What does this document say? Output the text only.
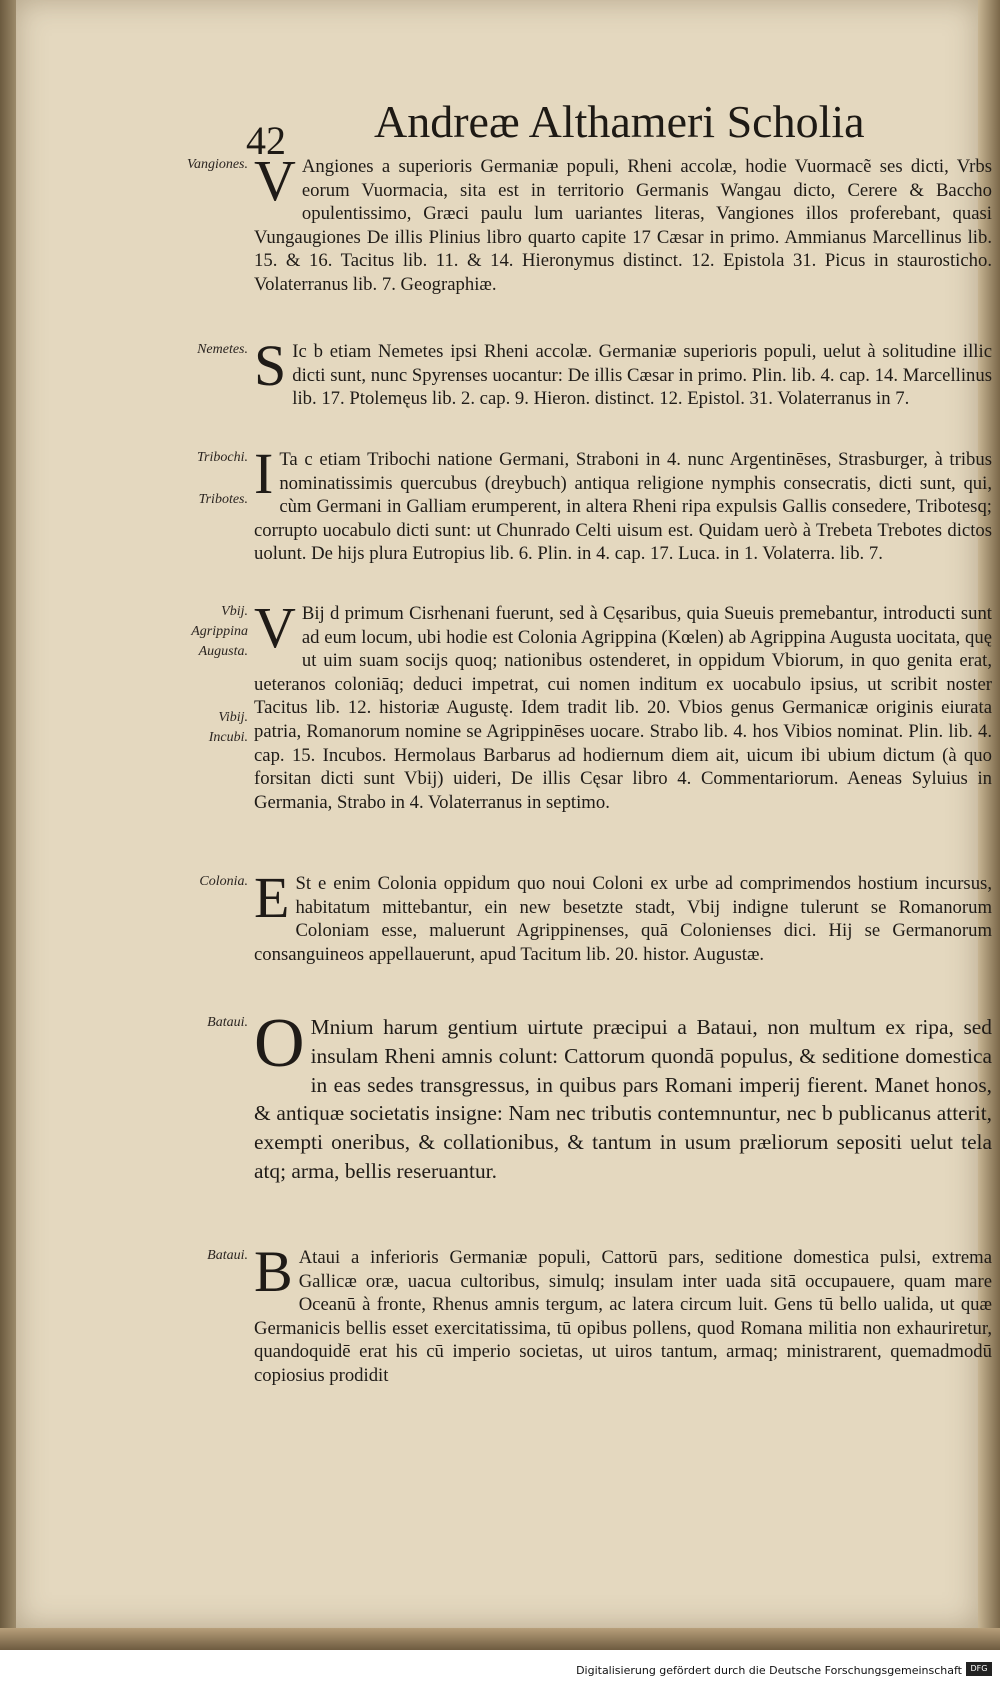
42 Andreæ Althameri Scholia
Vangiones. V Angiones a superioris Germaniæ populi, Rheni accolæ, hodie Vuormacẽ ses dicti, Vrbs eorum Vuormacia, sita est in territorio Germanis Wangau dicto, Cerere & Baccho opulentissimo, Græci paulu lum uariantes literas, Vangiones illos proferebant, quasi Vungaugiones De illis Plinius libro quarto capite 17 Cæsar in primo. Ammianus Marcellinus lib. 15. & 16. Tacitus lib. 11. & 14. Hieronymus distinct. 12. Epistola 31. Picus in staurosticho. Volaterranus lib. 7. Geographiæ.
Nemetes. S Ic b etiam Nemetes ipsi Rheni accolæ. Germaniæ superioris populi, uelut à solitudine illic dicti sunt, nunc Spyrenses uocantur: De illis Cæsar in primo. Plin. lib. 4. cap. 14. Marcellinus lib. 17. Ptolemęus lib. 2. cap. 9. Hieron. distinct. 12. Epistol. 31. Volaterranus in 7.
Tribochi.
Tribotes. I Ta c etiam Tribochi natione Germani, Straboni in 4. nunc Argentinēses, Strasburger, à tribus nominatissimis quercubus (dreybuch) antiqua religione nymphis consecratis, dicti sunt, qui, cùm Germani in Galliam erumperent, in altera Rheni ripa expulsis Gallis consedere, Tribotesq; corrupto uocabulo dicti sunt: ut Chunrado Celti uisum est. Quidam uerò à Trebeta Trebotes dictos uolunt. De hijs plura Eutropius lib. 6. Plin. in 4. cap. 17. Luca. in 1. Volaterra. lib. 7.
Vbij.
Agrippina
Augusta.
Vibij.
Incubi.
V Bij d primum Cisrhenani fuerunt, sed à Cęsaribus, quia Sueuis premebantur, introducti sunt ad eum locum, ubi hodie est Colonia Agrippina (Kœlen) ab Agrippina Augusta uocitata, quę ut uim suam socijs quoq; nationibus ostenderet, in oppidum Vbiorum, in quo genita erat, ueteranos coloniāq; deduci impetrat, cui nomen inditum ex uocabulo ipsius, ut scribit noster Tacitus lib. 12. historiæ Augustę. Idem tradit lib. 20. Vbios genus Germanicæ originis eiurata patria, Romanorum nomine se Agrippinēses uocare. Strabo lib. 4. hos Vibios nominat. Plin. lib. 4. cap. 15. Incubos. Hermolaus Barbarus ad hodiernum diem ait, uicum ibi ubium dictum (à quo forsitan dicti sunt Vbij) uideri, De illis Cęsar libro 4. Commentariorum. Aeneas Syluius in Germania, Strabo in 4. Volaterranus in septimo.
Colonia. E St e enim Colonia oppidum quo noui Coloni ex urbe ad comprimendos hostium incursus, habitatum mittebantur, ein new besetzte stadt, Vbij indigne tulerunt se Romanorum Coloniam esse, maluerunt Agrippinenses, quā Colonienses dici. Hij se Germanorum consanguineos appellauerunt, apud Tacitum lib. 20. histor. Augustæ.
Bataui. O Mnium harum gentium uirtute præcipui a Bataui, non multum ex ripa, sed insulam Rheni amnis colunt: Cattorum quondā populus, & seditione domestica in eas sedes transgressus, in quibus pars Romani imperij fierent. Manet honos, & antiquæ societatis insigne: Nam nec tributis contemnuntur, nec b publicanus atterit, exempti oneribus, & collationibus, & tantum in usum præliorum sepositi uelut tela atq; arma, bellis reseruantur.
Bataui. B Ataui a inferioris Germaniæ populi, Cattorū pars, seditione domestica pulsi, extrema Gallicæ oræ, uacua cultoribus, simulq; insulam inter uada sitā occupauere, quam mare Oceanū à fronte, Rhenus amnis tergum, ac latera circum luit. Gens tū bello ualida, ut quæ Germanicis bellis esset exercitatissima, tū opibus pollens, quod Romana militia non exhauriretur, quandoquidē erat his cū imperio societas, ut uiros tantum, armaq; ministrarent, quemadmodū copiosius prodidit
Digitalisierung gefördert durch die Deutsche Forschungsgemeinschaft	DFG
